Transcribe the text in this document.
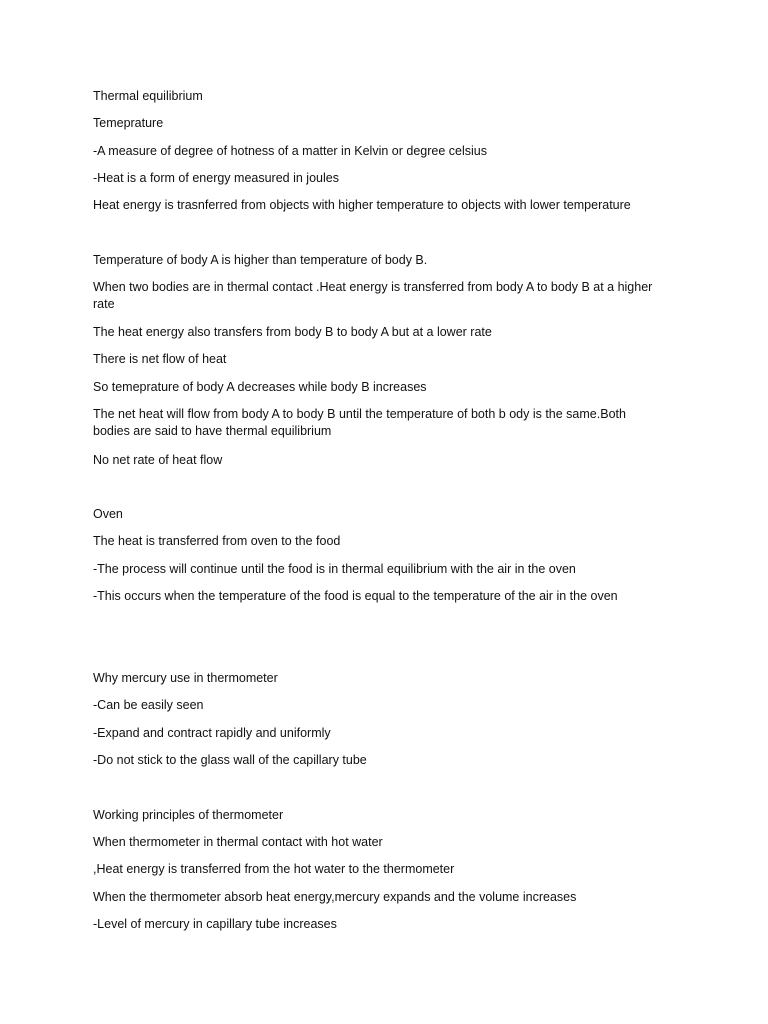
Thermal equilibrium
Temeprature
-A measure of degree of hotness of a matter in Kelvin or degree celsius
-Heat is a form of energy measured in joules
Heat energy is trasnferred from objects with higher temperature to objects with lower temperature
Temperature of body A is higher than temperature of body B.
When two bodies are in thermal contact .Heat energy is transferred from body A to body B at a higher rate
The heat energy also transfers from body B to body A but at a lower rate
There is net flow of heat
So temeprature of body A decreases while body B increases
The net heat will flow from body A to body B until the temperature of both b ody is the same.Both bodies are said to have thermal equilibrium
No net rate of heat flow
Oven
The heat is transferred from oven to the food
-The process will continue until the food is in thermal equilibrium with the air in the oven
-This occurs when the temperature of the food is equal to the temperature of the air in the oven
Why mercury use in thermometer
-Can be easily seen
-Expand and contract rapidly and uniformly
-Do not stick to the glass wall of the capillary tube
Working principles of thermometer
When thermometer in thermal contact with hot water
,Heat energy is transferred from the hot water to the thermometer
When the thermometer absorb heat energy,mercury expands and the volume increases
-Level of mercury in capillary tube increases
